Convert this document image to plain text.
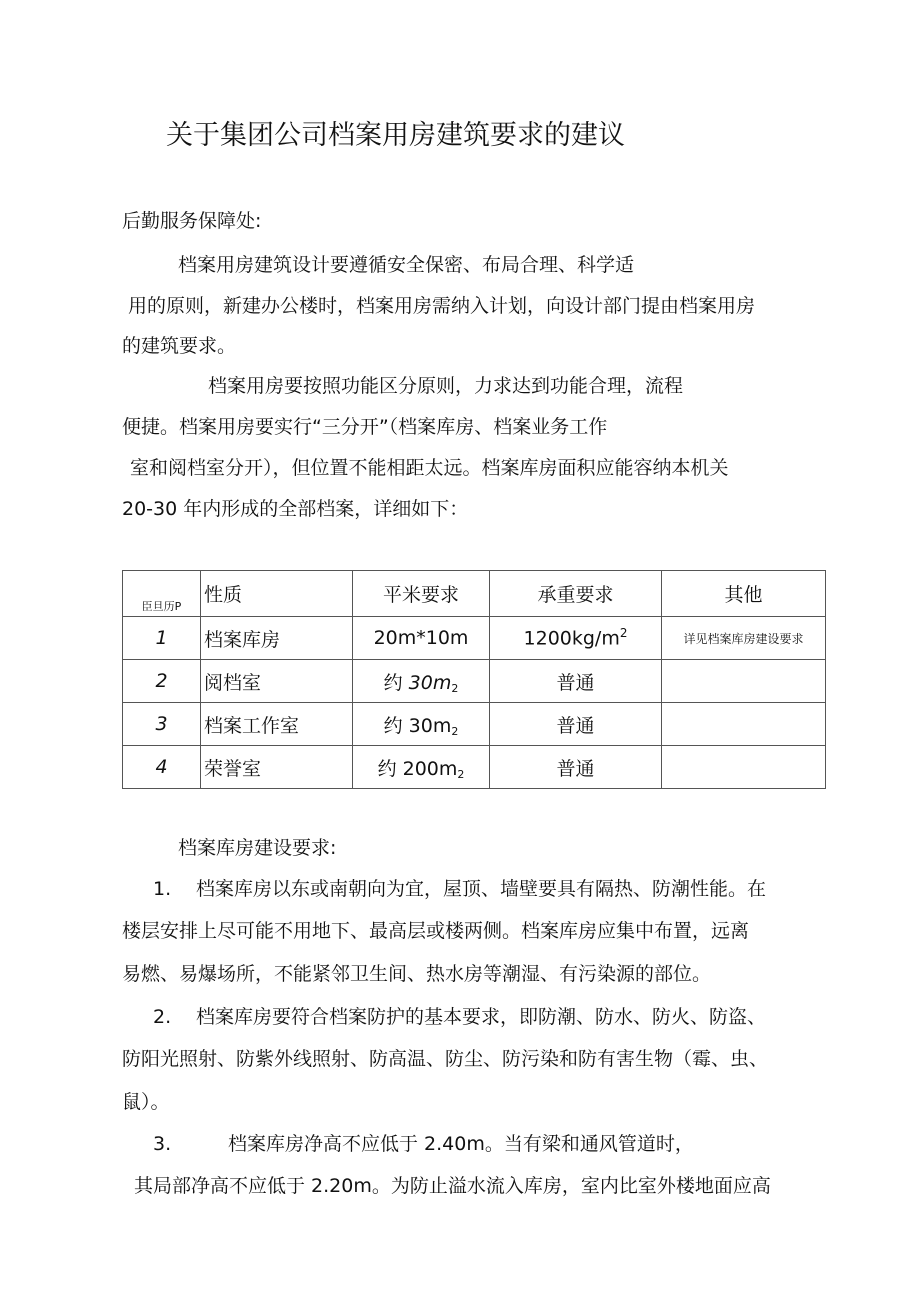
关于集团公司档案用房建筑要求的建议
后勤服务保障处:
档案用房建筑设计要遵循安全保密、布局合理、科学适
用的原则，新建办公楼时，档案用房需纳入计划，向设计部门提由档案用房
的建筑要求。
档案用房要按照功能区分原则，力求达到功能合理，流程
便捷。档案用房要实行“三分开”（档案库房、档案业务工作
室和阅档室分开），但位置不能相距太远。档案库房面积应能容纳本机关
20-30 年内形成的全部档案，详细如下：
臣旦历P	性质	平米要求	承重要求	其他
1	档案库房	20m*10m	$1200kg/m^2$	详见档案库房建设要求
2	阅档室	约 30m2	普通	
3	档案工作室	约 30m2	普通	
4	荣誉室	约 200m2	普通	
档案库房建设要求:
1. 档案库房以东或南朝向为宜，屋顶、墙壁要具有隔热、防潮性能。在
楼层安排上尽可能不用地下、最高层或楼两侧。档案库房应集中布置，远离
易燃、易爆场所，不能紧邻卫生间、热水房等潮湿、有污染源的部位。
2. 档案库房要符合档案防护的基本要求，即防潮、防水、防火、防盗、
防阳光照射、防紫外线照射、防高温、防尘、防污染和防有害生物（霉、虫、
鼠）。
3.	档案库房净高不应低于 2.40m。当有梁和通风管道时，
其局部净高不应低于 2.20m。为防止溢水流入库房，室内比室外楼地面应高
